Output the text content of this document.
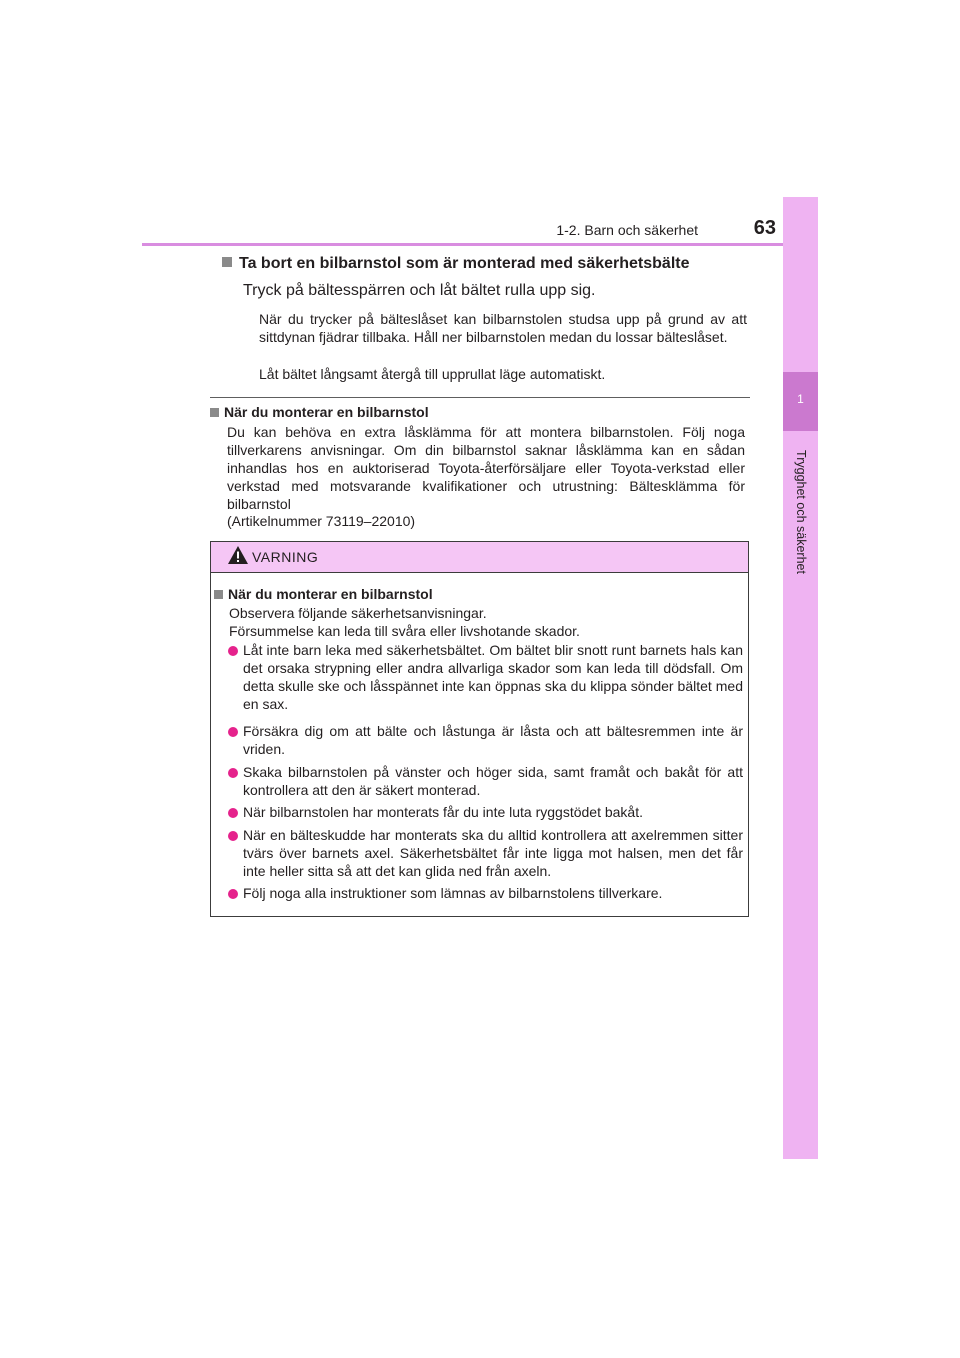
1-2. Barn och säkerhet	63
1
Trygghet och säkerhet
Ta bort en bilbarnstol som är monterad med säkerhetsbälte
Tryck på bältesspärren och låt bältet rulla upp sig.
När du trycker på bälteslåset kan bilbarnstolen studsa upp på grund av att sittdynan fjädrar tillbaka. Håll ner bilbarnstolen medan du lossar bälteslåset.
Låt bältet långsamt återgå till upprullat läge automatiskt.
När du monterar en bilbarnstol
Du kan behöva en extra låsklämma för att montera bilbarnstolen. Följ noga tillverkarens anvisningar. Om din bilbarnstol saknar låsklämma kan en sådan inhandlas hos en auktoriserad Toyota-återförsäljare eller Toyota-verkstad eller verkstad med motsvarande kvalifikationer och utrustning: Bältesklämma för bilbarnstol
(Artikelnummer 73119–22010)
VARNING
När du monterar en bilbarnstol
Observera följande säkerhetsanvisningar.
Försummelse kan leda till svåra eller livshotande skador.
Låt inte barn leka med säkerhetsbältet. Om bältet blir snott runt barnets hals kan det orsaka strypning eller andra allvarliga skador som kan leda till dödsfall. Om detta skulle ske och låsspännet inte kan öppnas ska du klippa sönder bältet med en sax.
Försäkra dig om att bälte och låstunga är låsta och att bältesremmen inte är vriden.
Skaka bilbarnstolen på vänster och höger sida, samt framåt och bakåt för att kontrollera att den är säkert monterad.
När bilbarnstolen har monterats får du inte luta ryggstödet bakåt.
När en bälteskudde har monterats ska du alltid kontrollera att axelremmen sitter tvärs över barnets axel. Säkerhetsbältet får inte ligga mot halsen, men det får inte heller sitta så att det kan glida ned från axeln.
Följ noga alla instruktioner som lämnas av bilbarnstolens tillverkare.
